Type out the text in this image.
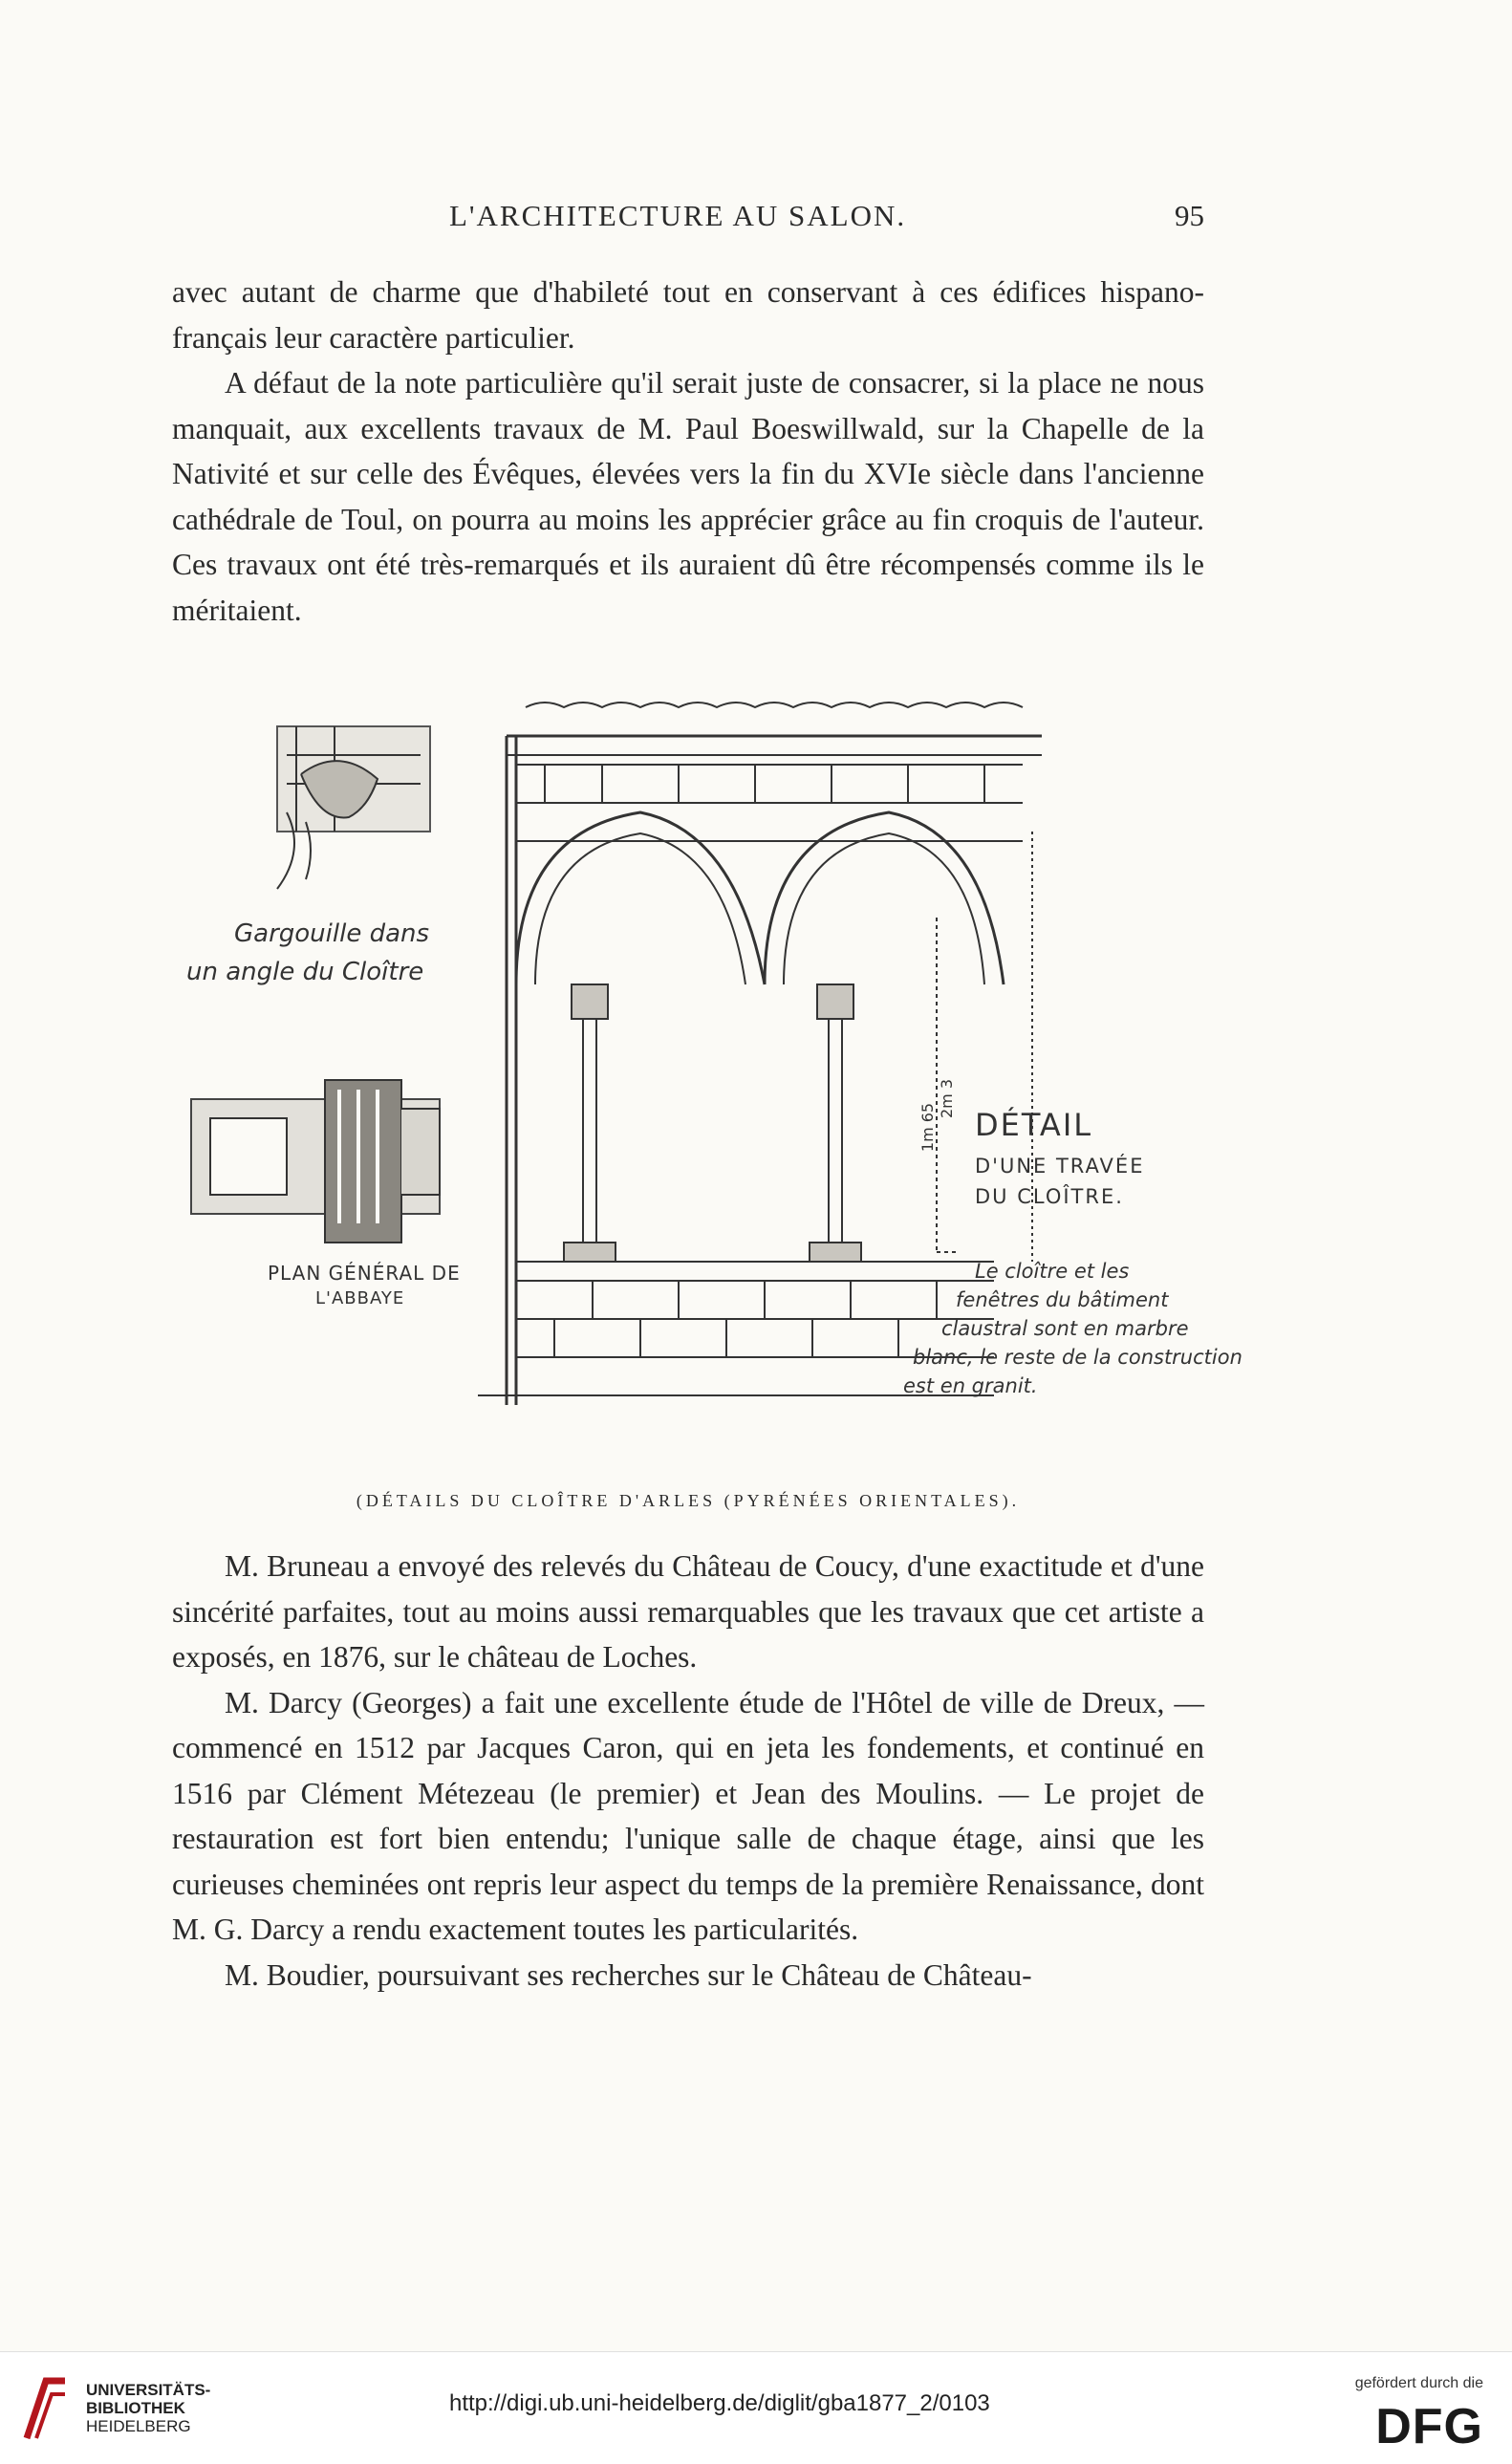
L'ARCHITECTURE AU SALON.	95

avec autant de charme que d'habileté tout en conservant à ces édifices hispano-français leur caractère particulier.

A défaut de la note particulière qu'il serait juste de consacrer, si la place ne nous manquait, aux excellents travaux de M. Paul Boeswillwald, sur la Chapelle de la Nativité et sur celle des Évêques, élevées vers la fin du XVIe siècle dans l'ancienne cathédrale de Toul, on pourra au moins les apprécier grâce au fin croquis de l'auteur. Ces travaux ont été très-remarqués et ils auraient dû être récompensés comme ils le méritaient.

Gargouille dans
un angle du Cloître
PLAN GÉNÉRAL DE
L'ABBAYE
DÉTAIL
D'UNE TRAVÉE
DU CLOÎTRE.
Le cloître et les
fenêtres du bâtiment
claustral sont en marbre
blanc, le reste de la construction
est en granit.
1m 65
2m 3
(DÉTAILS DU CLOÎTRE D'ARLES (PYRÉNÉES ORIENTALES).

M. Bruneau a envoyé des relevés du Château de Coucy, d'une exactitude et d'une sincérité parfaites, tout au moins aussi remarquables que les travaux que cet artiste a exposés, en 1876, sur le château de Loches.

M. Darcy (Georges) a fait une excellente étude de l'Hôtel de ville de Dreux, — commencé en 1512 par Jacques Caron, qui en jeta les fondements, et continué en 1516 par Clément Métezeau (le premier) et Jean des Moulins. — Le projet de restauration est fort bien entendu; l'unique salle de chaque étage, ainsi que les curieuses cheminées ont repris leur aspect du temps de la première Renaissance, dont M. G. Darcy a rendu exactement toutes les particularités.

M. Boudier, poursuivant ses recherches sur le Château de Château-

UNIVERSITÄTS-
BIBLIOTHEK
HEIDELBERG
http://digi.ub.uni-heidelberg.de/diglit/gba1877_2/0103
gefördert durch die
DFG
